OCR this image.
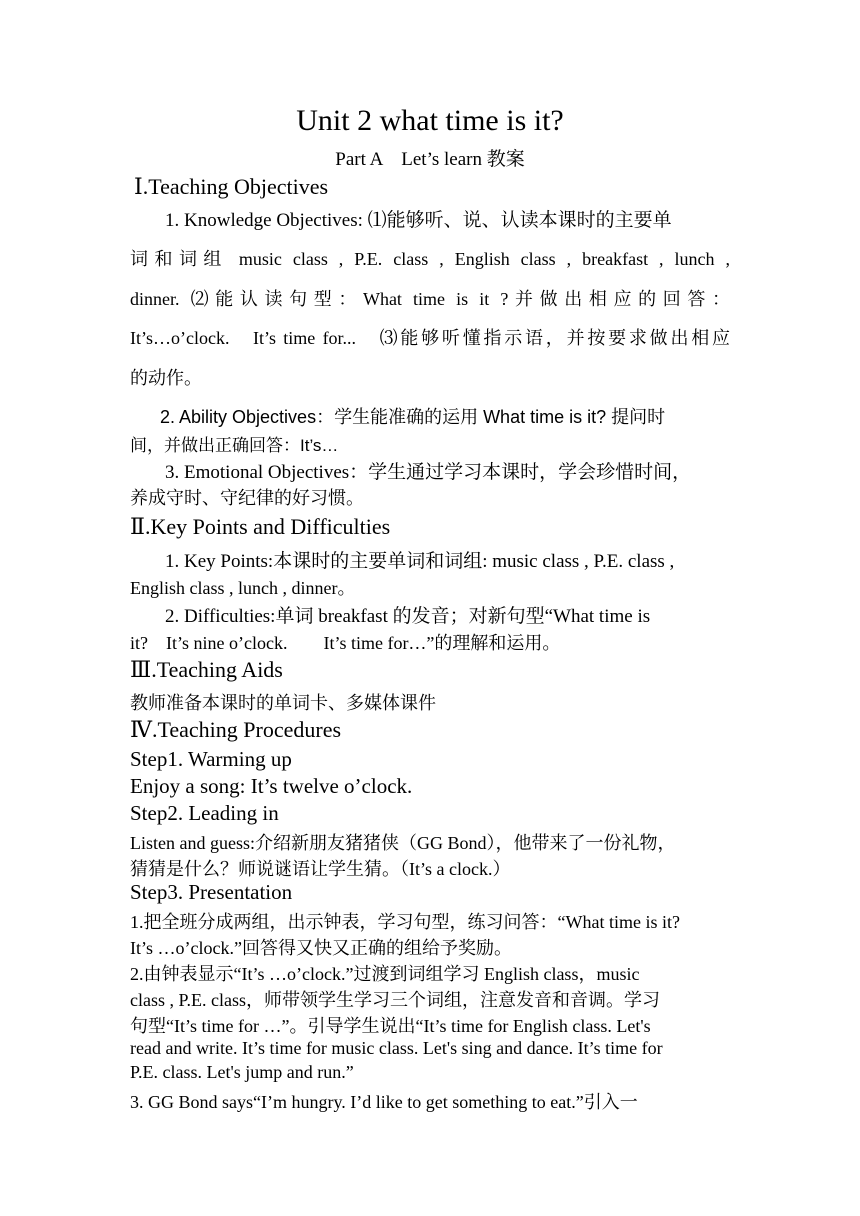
Unit 2 what time is it?
Part A　Let’s learn 教案
Ⅰ.Teaching Objectives
1. Knowledge Objectives: ⑴能够听、说、认读本课时的主要单
词和词组 music class , P.E. class , English class , breakfast , lunch ,
dinner. ⑵能认读句型：What time is it ?并做出相应的回答：
It’s…o’clock.　It’s time for...　⑶能够听懂指示语，并按要求做出相应
的动作。
2. Ability Objectives：学生能准确的运用 What time is it? 提问时
间，并做出正确回答：It’s…
3. Emotional Objectives：学生通过学习本课时，学会珍惜时间，
养成守时、守纪律的好习惯。
Ⅱ.Key Points and Difficulties
1. Key Points:本课时的主要单词和词组: music class , P.E. class ,
English class , lunch , dinner。
2. Difficulties:单词 breakfast 的发音；对新句型“What time is
it?　It’s nine o’clock.　　It’s time for…”的理解和运用。
Ⅲ.Teaching Aids
教师准备本课时的单词卡、多媒体课件
Ⅳ.Teaching Procedures
Step1. Warming up
Enjoy a song: It’s twelve o’clock.
Step2. Leading in
Listen and guess:介绍新朋友猪猪侠（GG Bond），他带来了一份礼物，
猜猜是什么？师说谜语让学生猜。（It’s a clock.）
Step3. Presentation
1.把全班分成两组，出示钟表，学习句型，练习问答：“What time is it?
It’s …o’clock.”回答得又快又正确的组给予奖励。
2.由钟表显示“It’s …o’clock.”过渡到词组学习 English class，music
class , P.E. class，师带领学生学习三个词组，注意发音和音调。学习
句型“It’s time for …”。引导学生说出“It’s time for English class. Let's
read and write. It’s time for music class. Let's sing and dance. It’s time for
P.E. class. Let's jump and run.”
3. GG Bond says“I’m hungry. I’d like to get something to eat.”引入一
